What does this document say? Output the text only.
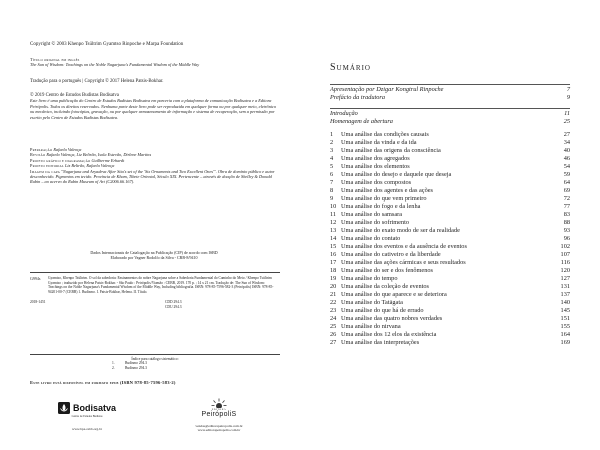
Copyright © 2003 Khenpo Tsültrim Gyamtso Rinpoche e Marpa Foundation
Título original em inglês
The Sun of Wisdom: Teachings on the Noble Nagarjuna's Fundamental Wisdom of the Middle Way
Tradução para o português | Copyright © 2017 Helena Patsis-Bokhar.
© 2019 Centro de Estudos Budistas Bodisatva
Este livro é uma publicação do Centro de Estudos Budistas Bodisatva em parceria com a plataforma de comunicação Bodisatva e a Editora Peirópolis. Todos os direitos reservados. Nenhuma parte deste livro pode ser reproduzida em qualquer forma ou por qualquer meio, eletrônico ou mecânico, incluindo fotocópias, gravação, ou por qualquer armazenamento de informação e sistema de recuperação, sem a permissão por escrito pelo Centro de Estudos Budistas Bodisatva.
Preparação Rafaela Valença
Revisão Rafaela Valença, Liz Beltrão, Isola Estevão, Dirlene Martins
Projeto gráfico e diagramação Guilherme Erhardt
Projeto editorial Liz Beltrão, Rafaela Valença
Imagem da capa "Nagarjuna and Aryadeva After Sita's set of the 'Six Ornaments and Two Excellent Ones'". Obra de domínio público e autor desconhecido. Pigmentos em tecido. Província de Kham, Tibete Oriental, Século XIX. Pertencente – através de doação de Shelley & Donald Rubin – ao acervo do Rubin Museum of Art (C2006.66.167).
Dados Internacionais de Catalogação na Publicação (CIP) de acordo com ISBD
Elaborado por Vagner Rodolfo da Silva - CRB-8/9410
G994s Gyamtso, Khenpo Tsültrim. O sol da sabedoria: Ensinamentos do nobre Nagarjuna sobre a Sabedoria Fundamental do Caminho do Meio / Khenpo Tsültrim Gyamtso ; traduzido por Helena Patsis-Bokhar. - São Paulo : Peirópolis/Viamão : CEBB, 2019. 170 p. ; 14 x 21 cm. Tradução de: The Sun of Wisdom: Teachings on the Noble Nagarjuna's Fundamental Wisdom of the Middle Way, Including bibliografia. ISBN: 978-85-7596-582-3 (Peirópolis) ISBN: 978-85-94201-00-7 (CEBB) 1. Budismo. I. Patsis-Bokhar, Helena. II. Título.
2018-1451	CDD 294.3
CDU 294.3
Índice para catálogo sistemático:
1.	Budismo 294.3
2.	Budismo 294.3
Este livro está disponível em formato epub (ISBN 978-85-7596-583-2)
Bodisatva
Centro de Estudos Budistas
www.bpa.cebb.org.br
EDITORA
PeirópoliS
vendas@editorapeiropolis.com.br
www.editorapeiropolis.com.br
Sumário
Apresentação por Dzigar Kongtrul Rinpoche	7
Prefácio da tradutora	9
Introdução	11
Homenagem de abertura	25
1 Uma análise das condições causais	27
2 Uma análise da vinda e da ida	34
3 Uma análise das origens da consciência	40
4 Uma análise dos agregados	46
5 Uma análise dos elementos	54
6 Uma análise do desejo e daquele que deseja	59
7 Uma análise dos compostos	64
8 Uma análise dos agentes e das ações	69
9 Uma análise do que vem primeiro	72
10 Uma análise do fogo e da lenha	77
11 Uma análise do samsara	83
12 Uma análise do sofrimento	88
13 Uma análise do exato modo de ser da realidade	93
14 Uma análise do contato	96
15 Uma análise dos eventos e da ausência de eventos	102
16 Uma análise do cativeiro e da liberdade	107
17 Uma análise das ações cármicas e seus resultados	116
18 Uma análise do ser e dos fenômenos	120
19 Uma análise do tempo	127
20 Uma análise da coleção de eventos	131
21 Uma análise do que aparece e se deteriora	137
22 Uma análise do Tatāgata	140
23 Uma análise do que há de errado	145
24 Uma análise das quatro nobres verdades	151
25 Uma análise do nirvana	155
26 Uma análise dos 12 elos da existência	164
27 Uma análise das interpretações	169
